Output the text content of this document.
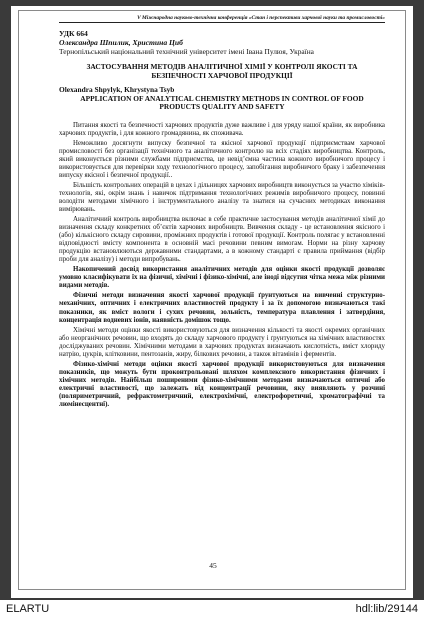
V Міжнародна науково-технічна конференція «Стан і перспективи харчової науки та промисловості»
УДК 664
Олександра Шпилик, Христина Циб
Тернопільський національний технічний університет імені Івана Пулюя, Україна
ЗАСТОСУВАННЯ МЕТОДІВ АНАЛІТИЧНОЇ ХІМІЇ У КОНТРОЛІ ЯКОСТІ ТА БЕЗПЕЧНОСТІ ХАРЧОВОЇ ПРОДУКЦІЇ
Olexandra Shpylyk, Khrystyna Tsyb
APPLICATION OF ANALYTICAL CHEMISTRY METHODS IN CONTROL OF FOOD PRODUCTS QUALITY AND SAFETY

Питання якості та безпечності харчових продуктів дуже важливе і для уряду нашої країни, як виробника харчових продуктів, і для кожного громадянина, як споживача.

Неможливо досягнути випуску безпечної та якісної харчової продукції підприємствам харчової промисловості без організації технічного та аналітичного контролю на всіх стадіях виробництва. Контроль, який виконується різними службами підприємства, це невід’ємна частина кожного виробничого процесу і використовується для перевірки ходу технологічного процесу, запобігання виробничого браку і забезпечення випуску якісної і безпечної продукції..

Більшість контрольних операцій в цехах і дільницях харчових виробництв виконується за участю хіміків-технологів, які, окрім знань і навичок підтримання технологічних режимів виробничого процесу, повинні володіти методами хімічного і інструментального аналізу та знатися на сучасних методиках виконання вимірювань.

Аналітичний контроль виробництва включає в себе практичне застосування методів аналітичної хімії до визначення складу конкретних об’єктів харчових виробництв. Вивчення складу - це встановлення якісного і (або) кількісного складу сировини, проміжних продуктів і готової продукції. Контроль полягає у встановленні відповідності вмісту компонента в основній масі речовини певним вимогам. Норми на різну харчову продукцію встановлюються державними стандартами, а в кожному стандарті є правила приймання (відбір проби для аналізу) і методи випробувань.

Накопичений досвід використання аналітичних методів для оцінки якості продукції дозволяє умовно класифікувати їх на фізичні, хімічні і фізико-хімічні, але іноді відсутня чітка межа між різними видами методів.

Фізичні методи визначення якості харчової продукції ґрунтуються на вивченні структурно-механічних, оптичних і електричних властивостей продукту і за їх допомогою визначаються такі показники, як вміст вологи і сухих речовин, зольність, температура плавлення і затвердіння, концентрація водневих іонів, наявність домішок тощо.

Хімічні методи оцінки якості використовуються для визначення кількості та якості окремих органічних або неорганічних речовин, що входять до складу харчового продукту і ґрунтуються на хімічних властивостях досліджуваних речовин. Хімічними методами в харчових продуктах визначають кислотність, вміст хлориду натрію, цукрів, клітковини, пентозанів, жиру, білкових речовин, а також вітамінів і ферментів.

Фізико-хімічні методи оцінки якості харчової продукції використовуються для визначення показників, що можуть бути проконтрольовані шляхом комплексного використання фізичних і хімічних методів. Найбільш поширеними фізико-хімічними методами визначаються оптичні або електричні властивості, що залежать від концентрації речовини, яку виявляють у розчині (поляриметричний, рефрактометричний, електрохімічні, електрофоретичні, хроматографічні та люмінесцентні).

45
ELARTU	hdl:lib/29144
